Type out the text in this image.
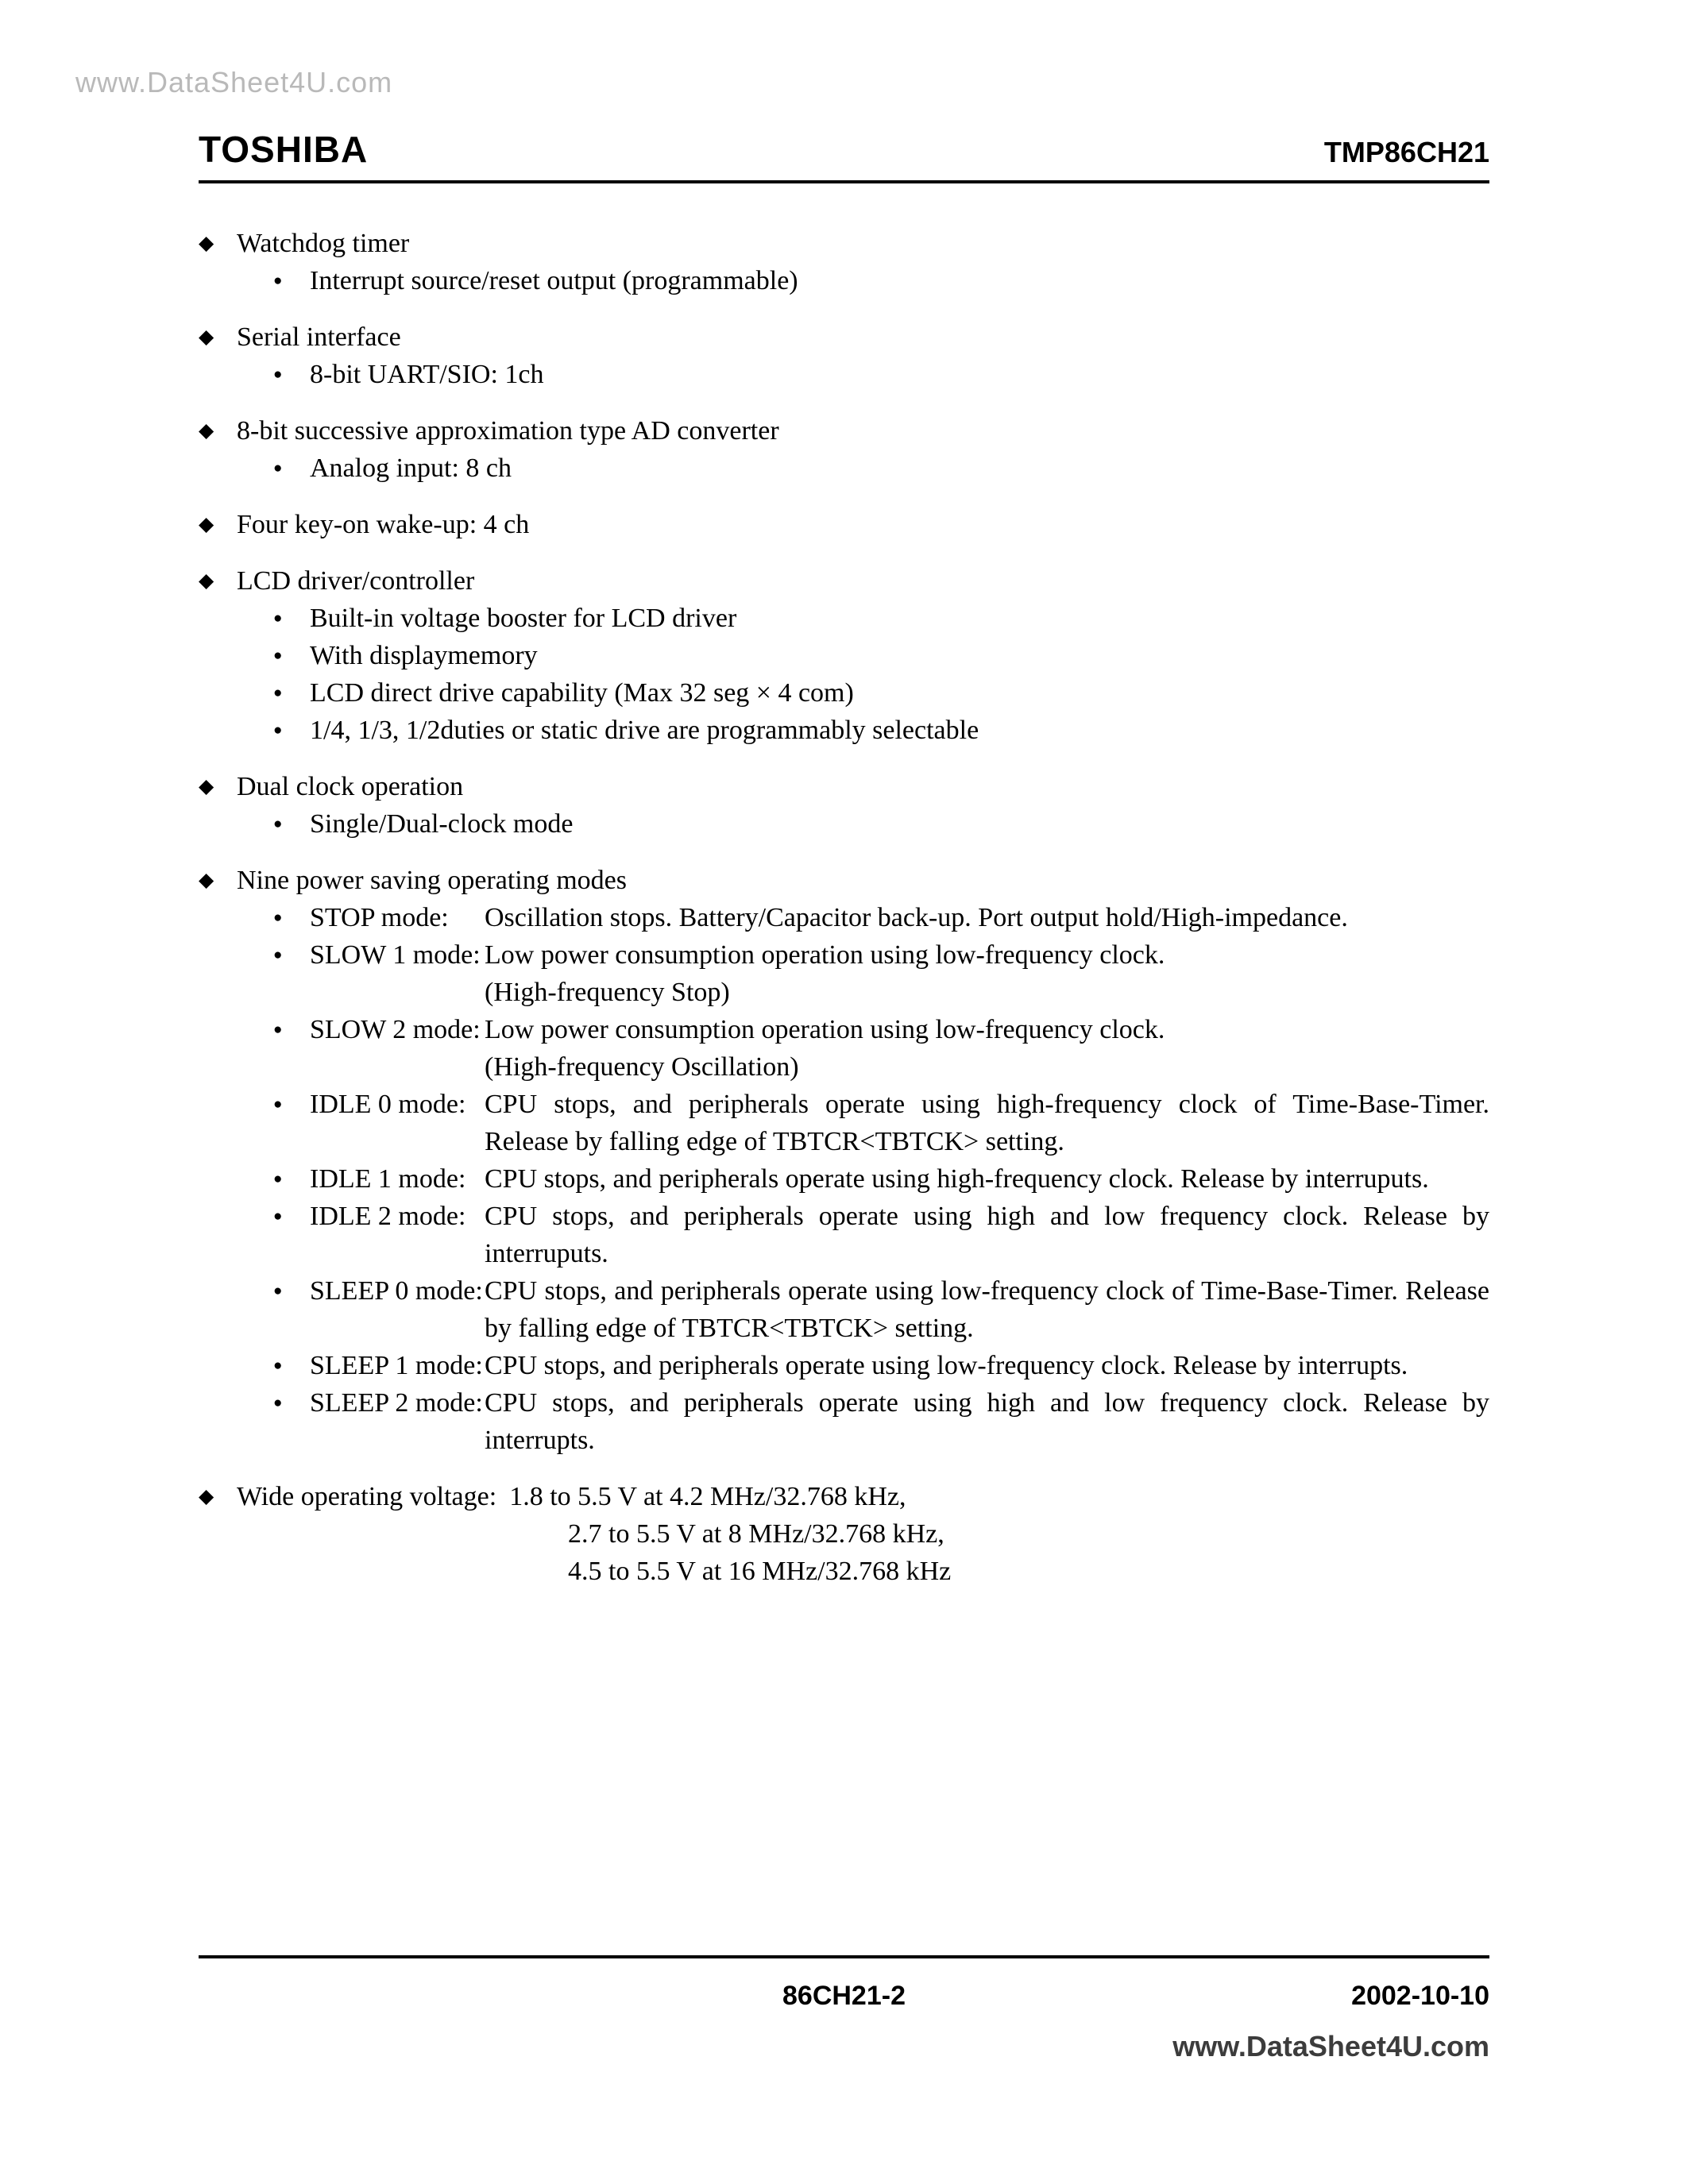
www.DataSheet4U.com
TOSHIBA	TMP86CH21
◆ Watchdog timer
●	Interrupt source/reset output (programmable)
◆ Serial interface
●	8-bit UART/SIO: 1ch
◆ 8-bit successive approximation type AD converter
●	Analog input: 8 ch
◆ Four key-on wake-up: 4 ch
◆ LCD driver/controller
●	Built-in voltage booster for LCD driver
●	With displaymemory
●	LCD direct drive capability (Max 32 seg × 4 com)
●	1/4, 1/3, 1/2duties or static drive are programmably selectable
◆ Dual clock operation
●	Single/Dual-clock mode
◆ Nine power saving operating modes
●	STOP mode:	Oscillation stops. Battery/Capacitor back-up. Port output hold/High-impedance.
●	SLOW 1 mode: Low power consumption operation using low-frequency clock.
(High-frequency Stop)
●	SLOW 2 mode: Low power consumption operation using low-frequency clock.
(High-frequency Oscillation)
●	IDLE 0 mode: CPU stops, and peripherals operate using high-frequency clock of Time-Base-Timer. Release by falling edge of TBTCR<TBTCK> setting.
●	IDLE 1 mode: CPU stops, and peripherals operate using high-frequency clock. Release by interruputs.
●	IDLE 2 mode: CPU stops, and peripherals operate using high and low frequency clock. Release by interruputs.
●	SLEEP 0 mode: CPU stops, and peripherals operate using low-frequency clock of Time-Base-Timer. Release by falling edge of TBTCR<TBTCK> setting.
●	SLEEP 1 mode: CPU stops, and peripherals operate using low-frequency clock. Release by interrupts.
●	SLEEP 2 mode: CPU stops, and peripherals operate using high and low frequency clock. Release by interrupts.
◆ Wide operating voltage: 1.8 to 5.5 V at 4.2 MHz/32.768 kHz,
2.7 to 5.5 V at 8 MHz/32.768 kHz,
4.5 to 5.5 V at 16 MHz/32.768 kHz
86CH21-2	2002-10-10
www.DataSheet4U.com
